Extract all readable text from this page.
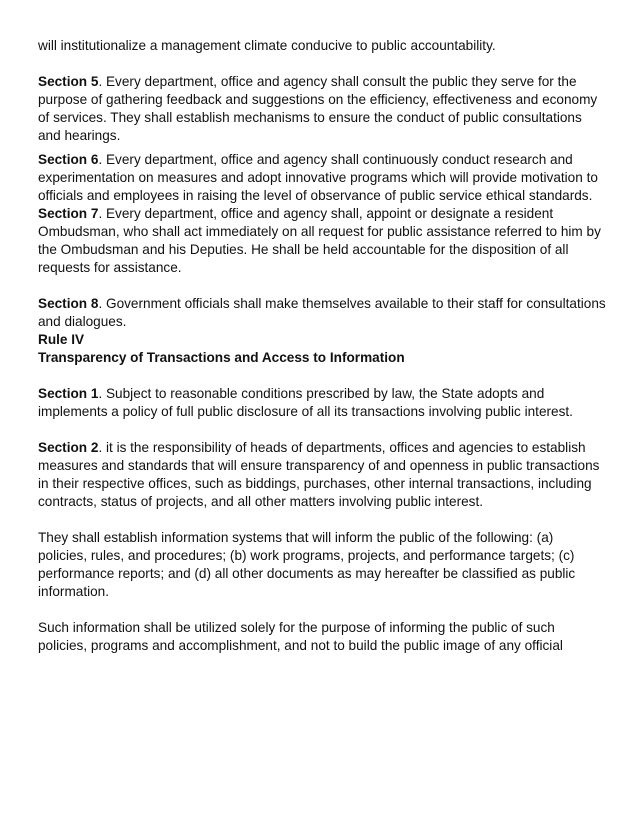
will institutionalize a management climate conducive to public accountability.

Section 5. Every department, office and agency shall consult the public they serve for the purpose of gathering feedback and suggestions on the efficiency, effectiveness and economy of services. They shall establish mechanisms to ensure the conduct of public consultations and hearings.

Section 6. Every department, office and agency shall continuously conduct research and experimentation on measures and adopt innovative programs which will provide motivation to officials and employees in raising the level of observance of public service ethical standards.

Section 7. Every department, office and agency shall, appoint or designate a resident Ombudsman, who shall act immediately on all request for public assistance referred to him by the Ombudsman and his Deputies. He shall be held accountable for the disposition of all requests for assistance.

Section 8. Government officials shall make themselves available to their staff for consultations and dialogues.

Rule IV

Transparency of Transactions and Access to Information

Section 1. Subject to reasonable conditions prescribed by law, the State adopts and implements a policy of full public disclosure of all its transactions involving public interest.

Section 2. it is the responsibility of heads of departments, offices and agencies to establish measures and standards that will ensure transparency of and openness in public transactions in their respective offices, such as biddings, purchases, other internal transactions, including contracts, status of projects, and all other matters involving public interest.

They shall establish information systems that will inform the public of the following: (a) policies, rules, and procedures; (b) work programs, projects, and performance targets; (c) performance reports; and (d) all other documents as may hereafter be classified as public information.

Such information shall be utilized solely for the purpose of informing the public of such policies, programs and accomplishment, and not to build the public image of any official
